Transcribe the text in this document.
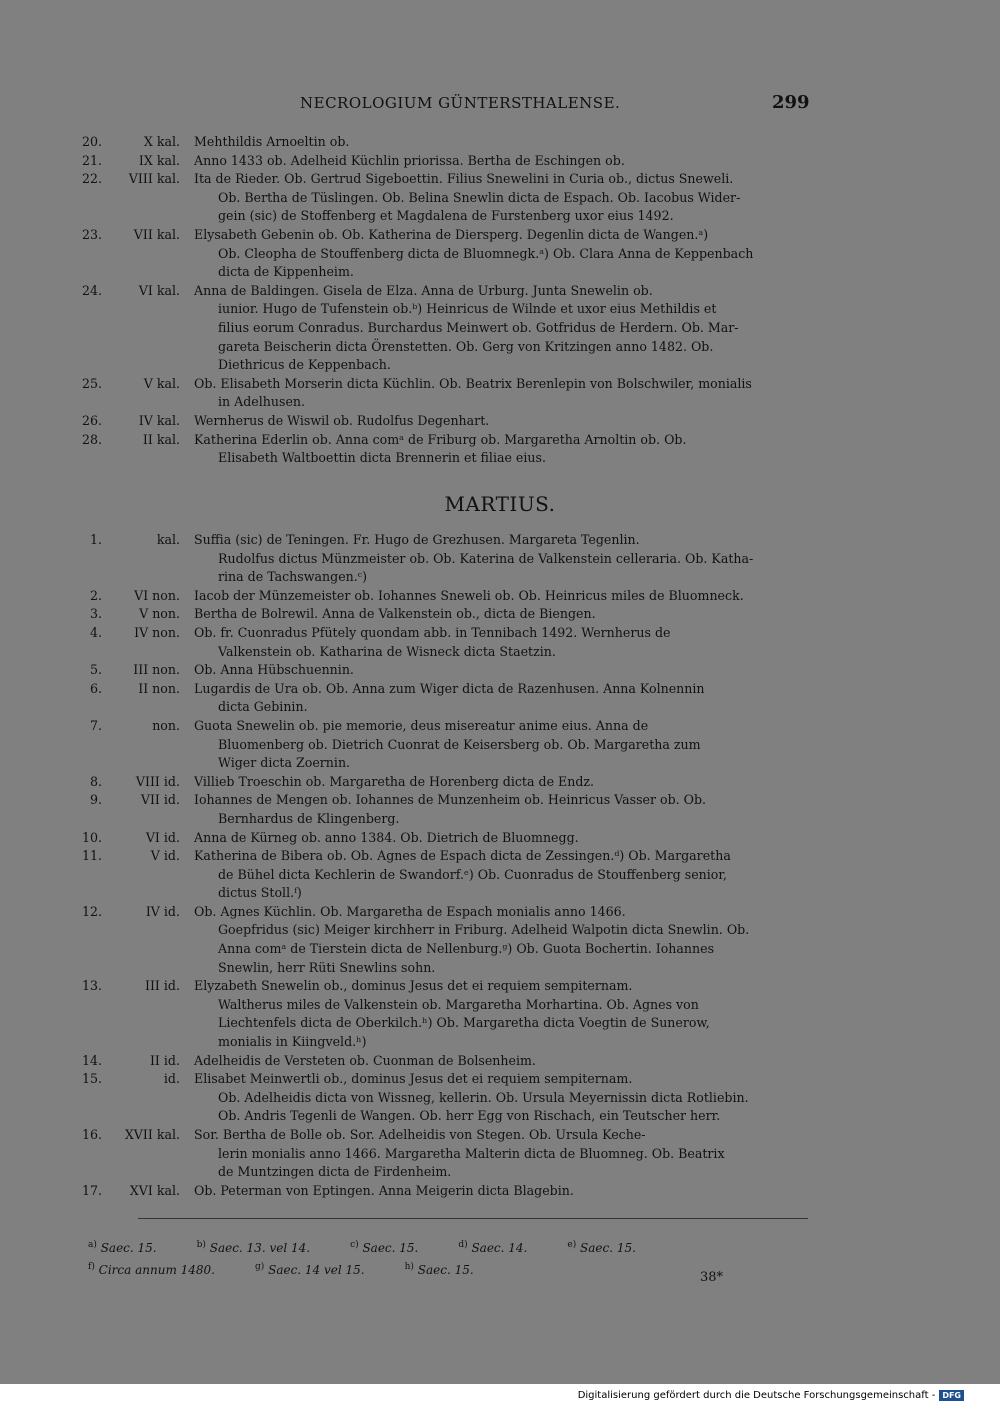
NECROLOGIUM GÜNTERSTHALENSE.	299
20.	X kal. Mehthildis Arnoeltin ob.
21.	IX kal. Anno 1433 ob. Adelheid Küchlin priorissa. Bertha de Eschingen ob.
22.	VIII kal. Ita de Rieder. Ob. Gertrud Sigeboettin. Filius Snewelini in Curia ob., dictus Sneweli.
Ob. Bertha de Tüslingen. Ob. Belina Snewlin dicta de Espach. Ob. Iacobus Wider-
gein (sic) de Stoffenberg et Magdalena de Furstenberg uxor eius 1492.
23.	VII kal. Elysabeth Gebenin ob. Ob. Katherina de Diersperg. Degenlin dicta de Wangen.ᵃ)
Ob. Cleopha de Stouffenberg dicta de Bluomnegk.ᵃ) Ob. Clara Anna de Keppenbach
dicta de Kippenheim.
24.	VI kal. Anna de Baldingen. Gisela de Elza. Anna de Urburg. Junta Snewelin ob.
iunior. Hugo de Tufenstein ob.ᵇ) Heinricus de Wilnde et uxor eius Methildis et
filius eorum Conradus. Burchardus Meinwert ob. Gotfridus de Herdern. Ob. Mar-
gareta Beischerin dicta Örenstetten. Ob. Gerg von Kritzingen anno 1482. Ob.
Diethricus de Keppenbach.
25.	V kal. Ob. Elisabeth Morserin dicta Küchlin. Ob. Beatrix Berenlepin von Bolschwiler, monialis
in Adelhusen.
26.	IV kal. Wernherus de Wiswil ob. Rudolfus Degenhart.
28.	II kal. Katherina Ederlin ob. Anna comᵃ de Friburg ob. Margaretha Arnoltin ob. Ob.
Elisabeth Waltboettin dicta Brennerin et filiae eius.
MARTIUS.
1.	kal. Suffia (sic) de Teningen. Fr. Hugo de Grezhusen. Margareta Tegenlin.
Rudolfus dictus Münzmeister ob. Ob. Katerina de Valkenstein celleraria. Ob. Katha-
rina de Tachswangen.ᶜ)
2.	VI non. Iacob der Münzemeister ob. Iohannes Sneweli ob. Ob. Heinricus miles de Bluomneck.
3.	V non. Bertha de Bolrewil. Anna de Valkenstein ob., dicta de Biengen.
4.	IV non. Ob. fr. Cuonradus Pfütely quondam abb. in Tennibach 1492. Wernherus de
Valkenstein ob. Katharina de Wisneck dicta Staetzin.
5.	III non. Ob. Anna Hübschuennin.
6.	II non. Lugardis de Ura ob. Ob. Anna zum Wiger dicta de Razenhusen. Anna Kolnennin
dicta Gebinin.
7.	non. Guota Snewelin ob. pie memorie, deus misereatur anime eius. Anna de
Bluomenberg ob. Dietrich Cuonrat de Keisersberg ob. Ob. Margaretha zum
Wiger dicta Zoernin.
8.	VIII id. Villieb Troeschin ob. Margaretha de Horenberg dicta de Endz.
9.	VII id. Iohannes de Mengen ob. Iohannes de Munzenheim ob. Heinricus Vasser ob. Ob.
Bernhardus de Klingenberg.
10.	VI id. Anna de Kürneg ob. anno 1384. Ob. Dietrich de Bluomnegg.
11.	V id. Katherina de Bibera ob. Ob. Agnes de Espach dicta de Zessingen.ᵈ) Ob. Margaretha
de Bühel dicta Kechlerin de Swandorf.ᵉ) Ob. Cuonradus de Stouffenberg senior,
dictus Stoll.ᶠ)
12.	IV id. Ob. Agnes Küchlin. Ob. Margaretha de Espach monialis anno 1466.
Goepfridus (sic) Meiger kirchherr in Friburg. Adelheid Walpotin dicta Snewlin. Ob.
Anna comᵃ de Tierstein dicta de Nellenburg.ᵍ) Ob. Guota Bochertin. Iohannes
Snewlin, herr Rüti Snewlins sohn.
13.	III id. Elyzabeth Snewelin ob., dominus Jesus det ei requiem sempiternam.
Waltherus miles de Valkenstein ob. Margaretha Morhartina. Ob. Agnes von
Liechtenfels dicta de Oberkilch.ʰ) Ob. Margaretha dicta Voegtin de Sunerow,
monialis in Kiingveld.ʰ)
14.	II id. Adelheidis de Versteten ob. Cuonman de Bolsenheim.
15.	id. Elisabet Meinwertli ob., dominus Jesus det ei requiem sempiternam.
Ob. Adelheidis dicta von Wissneg, kellerin. Ob. Ursula Meyernissin dicta Rotliebin.
Ob. Andris Tegenli de Wangen. Ob. herr Egg von Rischach, ein Teutscher herr.
16.	XVII kal. Sor. Bertha de Bolle ob. Sor. Adelheidis von Stegen. Ob. Ursula Keche-
lerin monialis anno 1466. Margaretha Malterin dicta de Bluomneg. Ob. Beatrix
de Muntzingen dicta de Firdenheim.
17.	XVI kal. Ob. Peterman von Eptingen. Anna Meigerin dicta Blagebin.
$^{a)}$ Saec. 15.	$^{b)}$ Saec. 13. vel 14.	$^{c)}$ Saec. 15.	$^{d)}$ Saec. 14.	$^{e)}$ Saec. 15.$^{f)}$ Circa annum 1480.	$^{g)}$ Saec. 14 vel 15.	$^{h)}$ Saec. 15.	38*
Digitalisierung gefördert durch die Deutsche Forschungsgemeinschaft - DFG
